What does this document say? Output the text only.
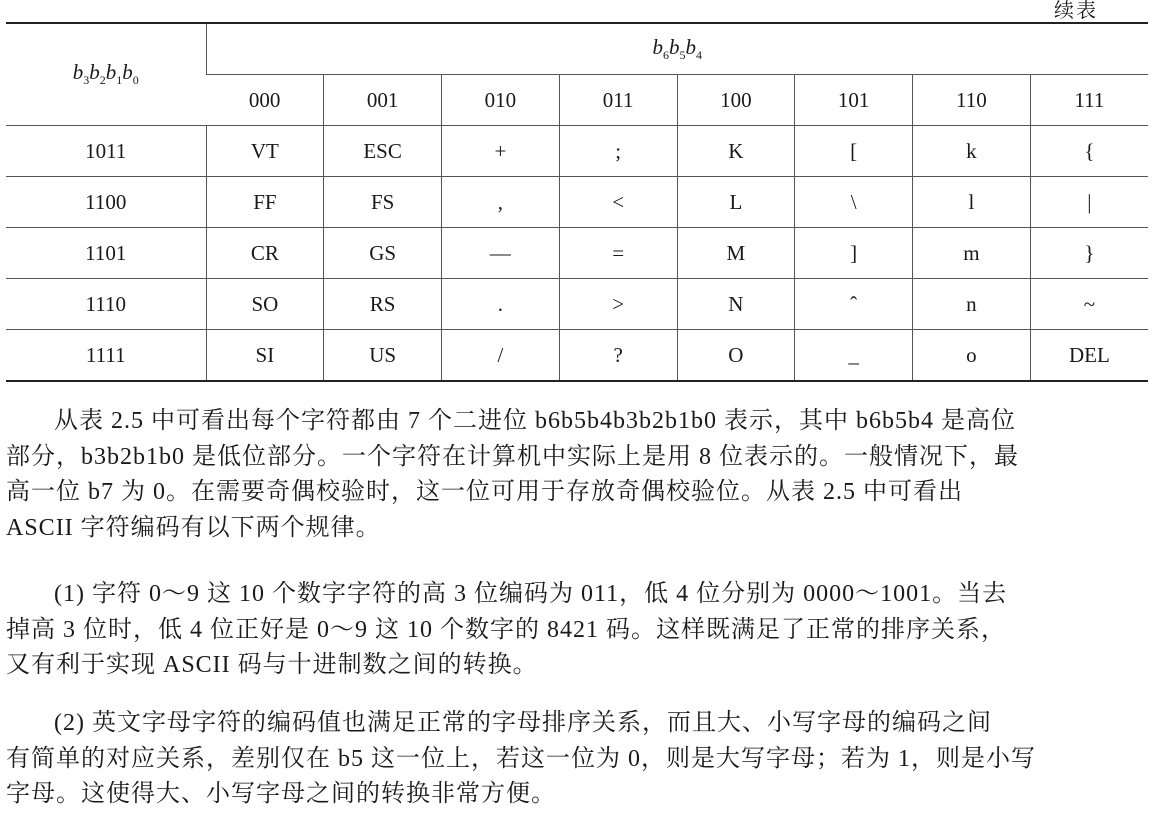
续表
$b_3b_2b_1b_0$	$b_6b_5b_4$
	000	001	010	011	100	101	110	111
1011	VT	ESC	+	;	K	[	k	{
1100	FF	FS	,	<	L	\	l	|
1101	CR	GS	—	=	M	]	m	}
1110	SO	RS	.	>	N	ˆ	n	~
1111	SI	US	/	?	O	_	o	DEL
从表 2.5 中可看出每个字符都由 7 个二进位 b6b5b4b3b2b1b0 表示，其中 b6b5b4 是高位
部分，b3b2b1b0 是低位部分。一个字符在计算机中实际上是用 8 位表示的。一般情况下，最
高一位 b7 为 0。在需要奇偶校验时，这一位可用于存放奇偶校验位。从表 2.5 中可看出
ASCII 字符编码有以下两个规律。
(1) 字符 0～9 这 10 个数字字符的高 3 位编码为 011，低 4 位分别为 0000～1001。当去
掉高 3 位时，低 4 位正好是 0～9 这 10 个数字的 8421 码。这样既满足了正常的排序关系，
又有利于实现 ASCII 码与十进制数之间的转换。
(2) 英文字母字符的编码值也满足正常的字母排序关系，而且大、小写字母的编码之间
有简单的对应关系，差别仅在 b5 这一位上，若这一位为 0，则是大写字母；若为 1，则是小写
字母。这使得大、小写字母之间的转换非常方便。
